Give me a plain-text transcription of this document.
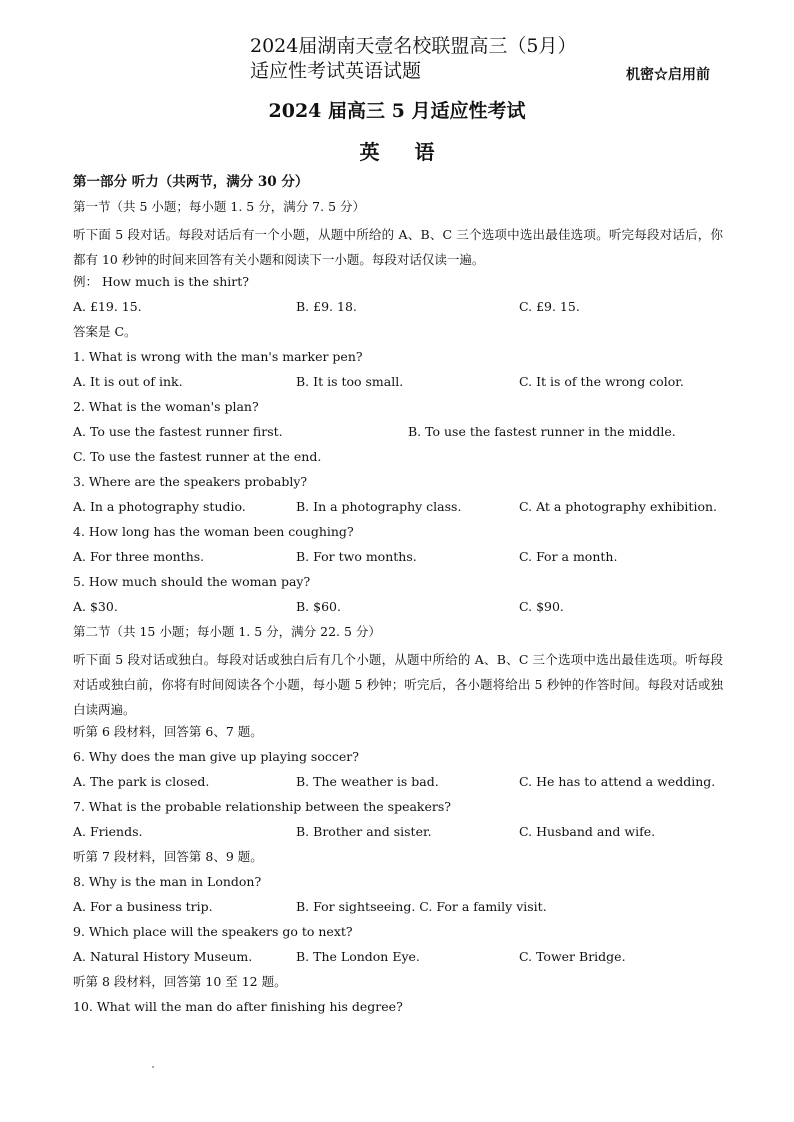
2024届湖南天壹名校联盟高三（5月）适应性考试英语试题	机密☆启用前
2024 届高三 5 月适应性考试
英 语
第一部分 听力（共两节，满分 30 分）
第一节（共 5 小题；每小题 1. 5 分，满分 7. 5 分）
听下面 5 段对话。每段对话后有一个小题，从题中所给的 A、B、C 三个选项中选出最佳选项。听完每段对话后，你都有 10 秒钟的时间来回答有关小题和阅读下一小题。每段对话仅读一遍。
例： How much is the shirt?
A. £19. 15.	B. £9. 18.	C. £9. 15.
答案是 C。
1. What is wrong with the man's marker pen?
A. It is out of ink.	B. It is too small.	C. It is of the wrong color.
2. What is the woman's plan?
A. To use the fastest runner first.	B. To use the fastest runner in the middle.
C. To use the fastest runner at the end.
3. Where are the speakers probably?
A. In a photography studio.	B. In a photography class.	C. At a photography exhibition.
4. How long has the woman been coughing?
A. For three months.	B. For two months.	C. For a month.
5. How much should the woman pay?
A. $30.	B. $60.	C. $90.
第二节（共 15 小题；每小题 1. 5 分，满分 22. 5 分）
听下面 5 段对话或独白。每段对话或独白后有几个小题，从题中所给的 A、B、C 三个选项中选出最佳选项。听每段对话或独白前，你将有时间阅读各个小题，每小题 5 秒钟；听完后，各小题将给出 5 秒钟的作答时间。每段对话或独白读两遍。
听第 6 段材料，回答第 6、7 题。
6. Why does the man give up playing soccer?
A. The park is closed.	B. The weather is bad.	C. He has to attend a wedding.
7. What is the probable relationship between the speakers?
A. Friends.	B. Brother and sister.	C. Husband and wife.
听第 7 段材料，回答第 8、9 题。
8. Why is the man in London?
A. For a business trip.	B. For sightseeing. C. For a family visit.
9. Which place will the speakers go to next?
A. Natural History Museum.	B. The London Eye.	C. Tower Bridge.
听第 8 段材料，回答第 10 至 12 题。
10. What will the man do after finishing his degree?
